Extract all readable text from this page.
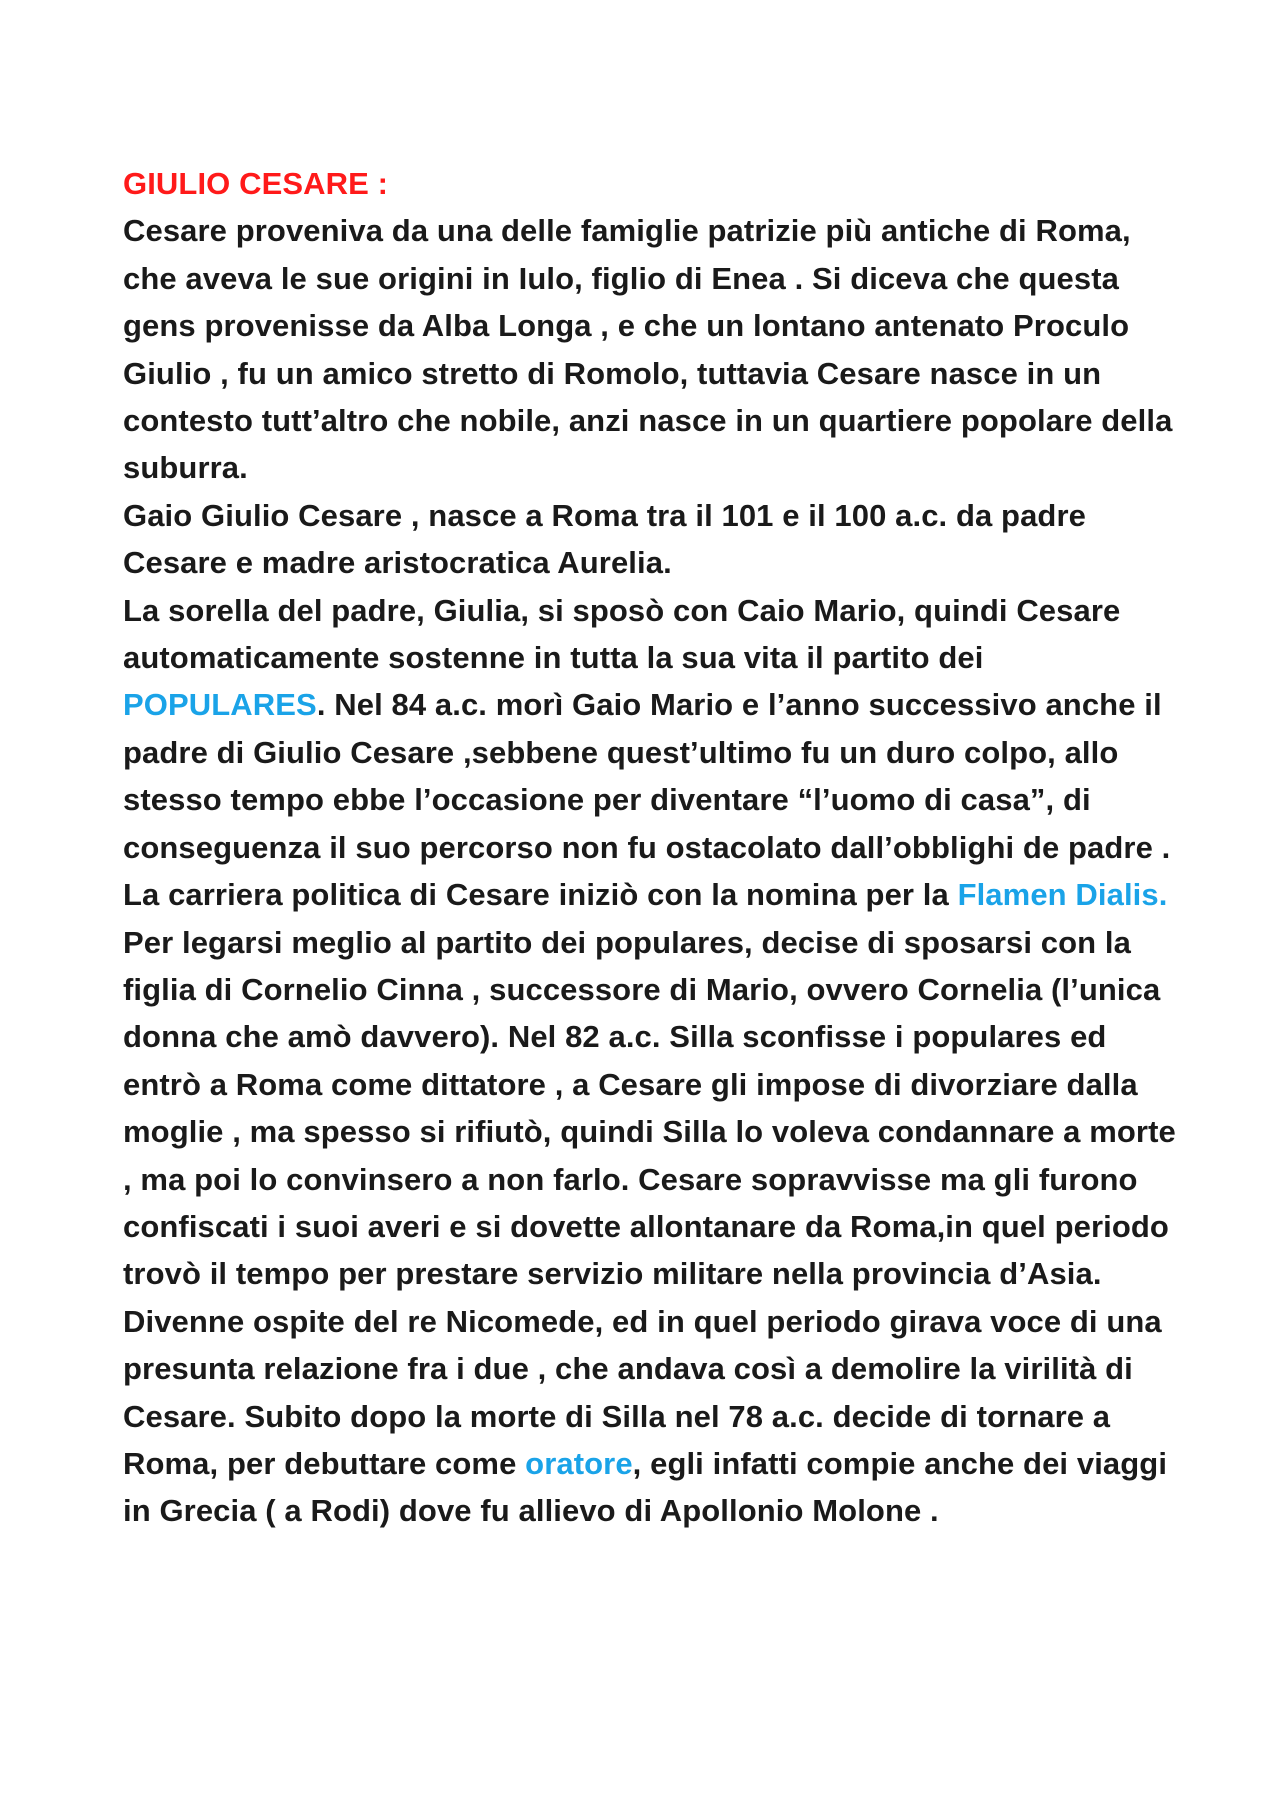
GIULIO CESARE :

Cesare proveniva da una delle famiglie patrizie più antiche di Roma, che aveva le sue origini in Iulo, figlio di Enea . Si diceva che questa gens provenisse da Alba Longa , e che un lontano antenato Proculo Giulio , fu un amico stretto di Romolo, tuttavia Cesare nasce in un contesto tutt’altro che nobile, anzi nasce in un quartiere popolare della suburra.

Gaio Giulio Cesare , nasce a Roma tra il 101 e il 100 a.c. da padre Cesare e madre aristocratica Aurelia.

La sorella del padre, Giulia, si sposò con Caio Mario, quindi Cesare automaticamente sostenne in tutta la sua vita il partito dei POPULARES. Nel 84 a.c. morì Gaio Mario e l’anno successivo anche il padre di Giulio Cesare ,sebbene quest’ultimo fu un duro colpo, allo stesso tempo ebbe l’occasione per diventare “l’uomo di casa”, di conseguenza il suo percorso non fu ostacolato dall’obblighi de padre . La carriera politica di Cesare iniziò con la nomina per la Flamen Dialis. Per legarsi meglio al partito dei populares, decise di sposarsi con la figlia di Cornelio Cinna , successore di Mario, ovvero Cornelia (l’unica donna che amò davvero). Nel 82 a.c. Silla sconfisse i populares ed entrò a Roma come dittatore , a Cesare gli impose di divorziare dalla moglie , ma spesso si rifiutò, quindi Silla lo voleva condannare a morte , ma poi lo convinsero a non farlo. Cesare sopravvisse ma gli furono confiscati i suoi averi e si dovette allontanare da Roma,in quel periodo trovò il tempo per prestare servizio militare nella provincia d’Asia. Divenne ospite del re Nicomede, ed in quel periodo girava voce di una presunta relazione fra i due , che andava così a demolire la virilità di Cesare. Subito dopo la morte di Silla nel 78 a.c. decide di tornare a Roma, per debuttare come oratore, egli infatti compie anche dei viaggi in Grecia ( a Rodi) dove fu allievo di Apollonio Molone .
